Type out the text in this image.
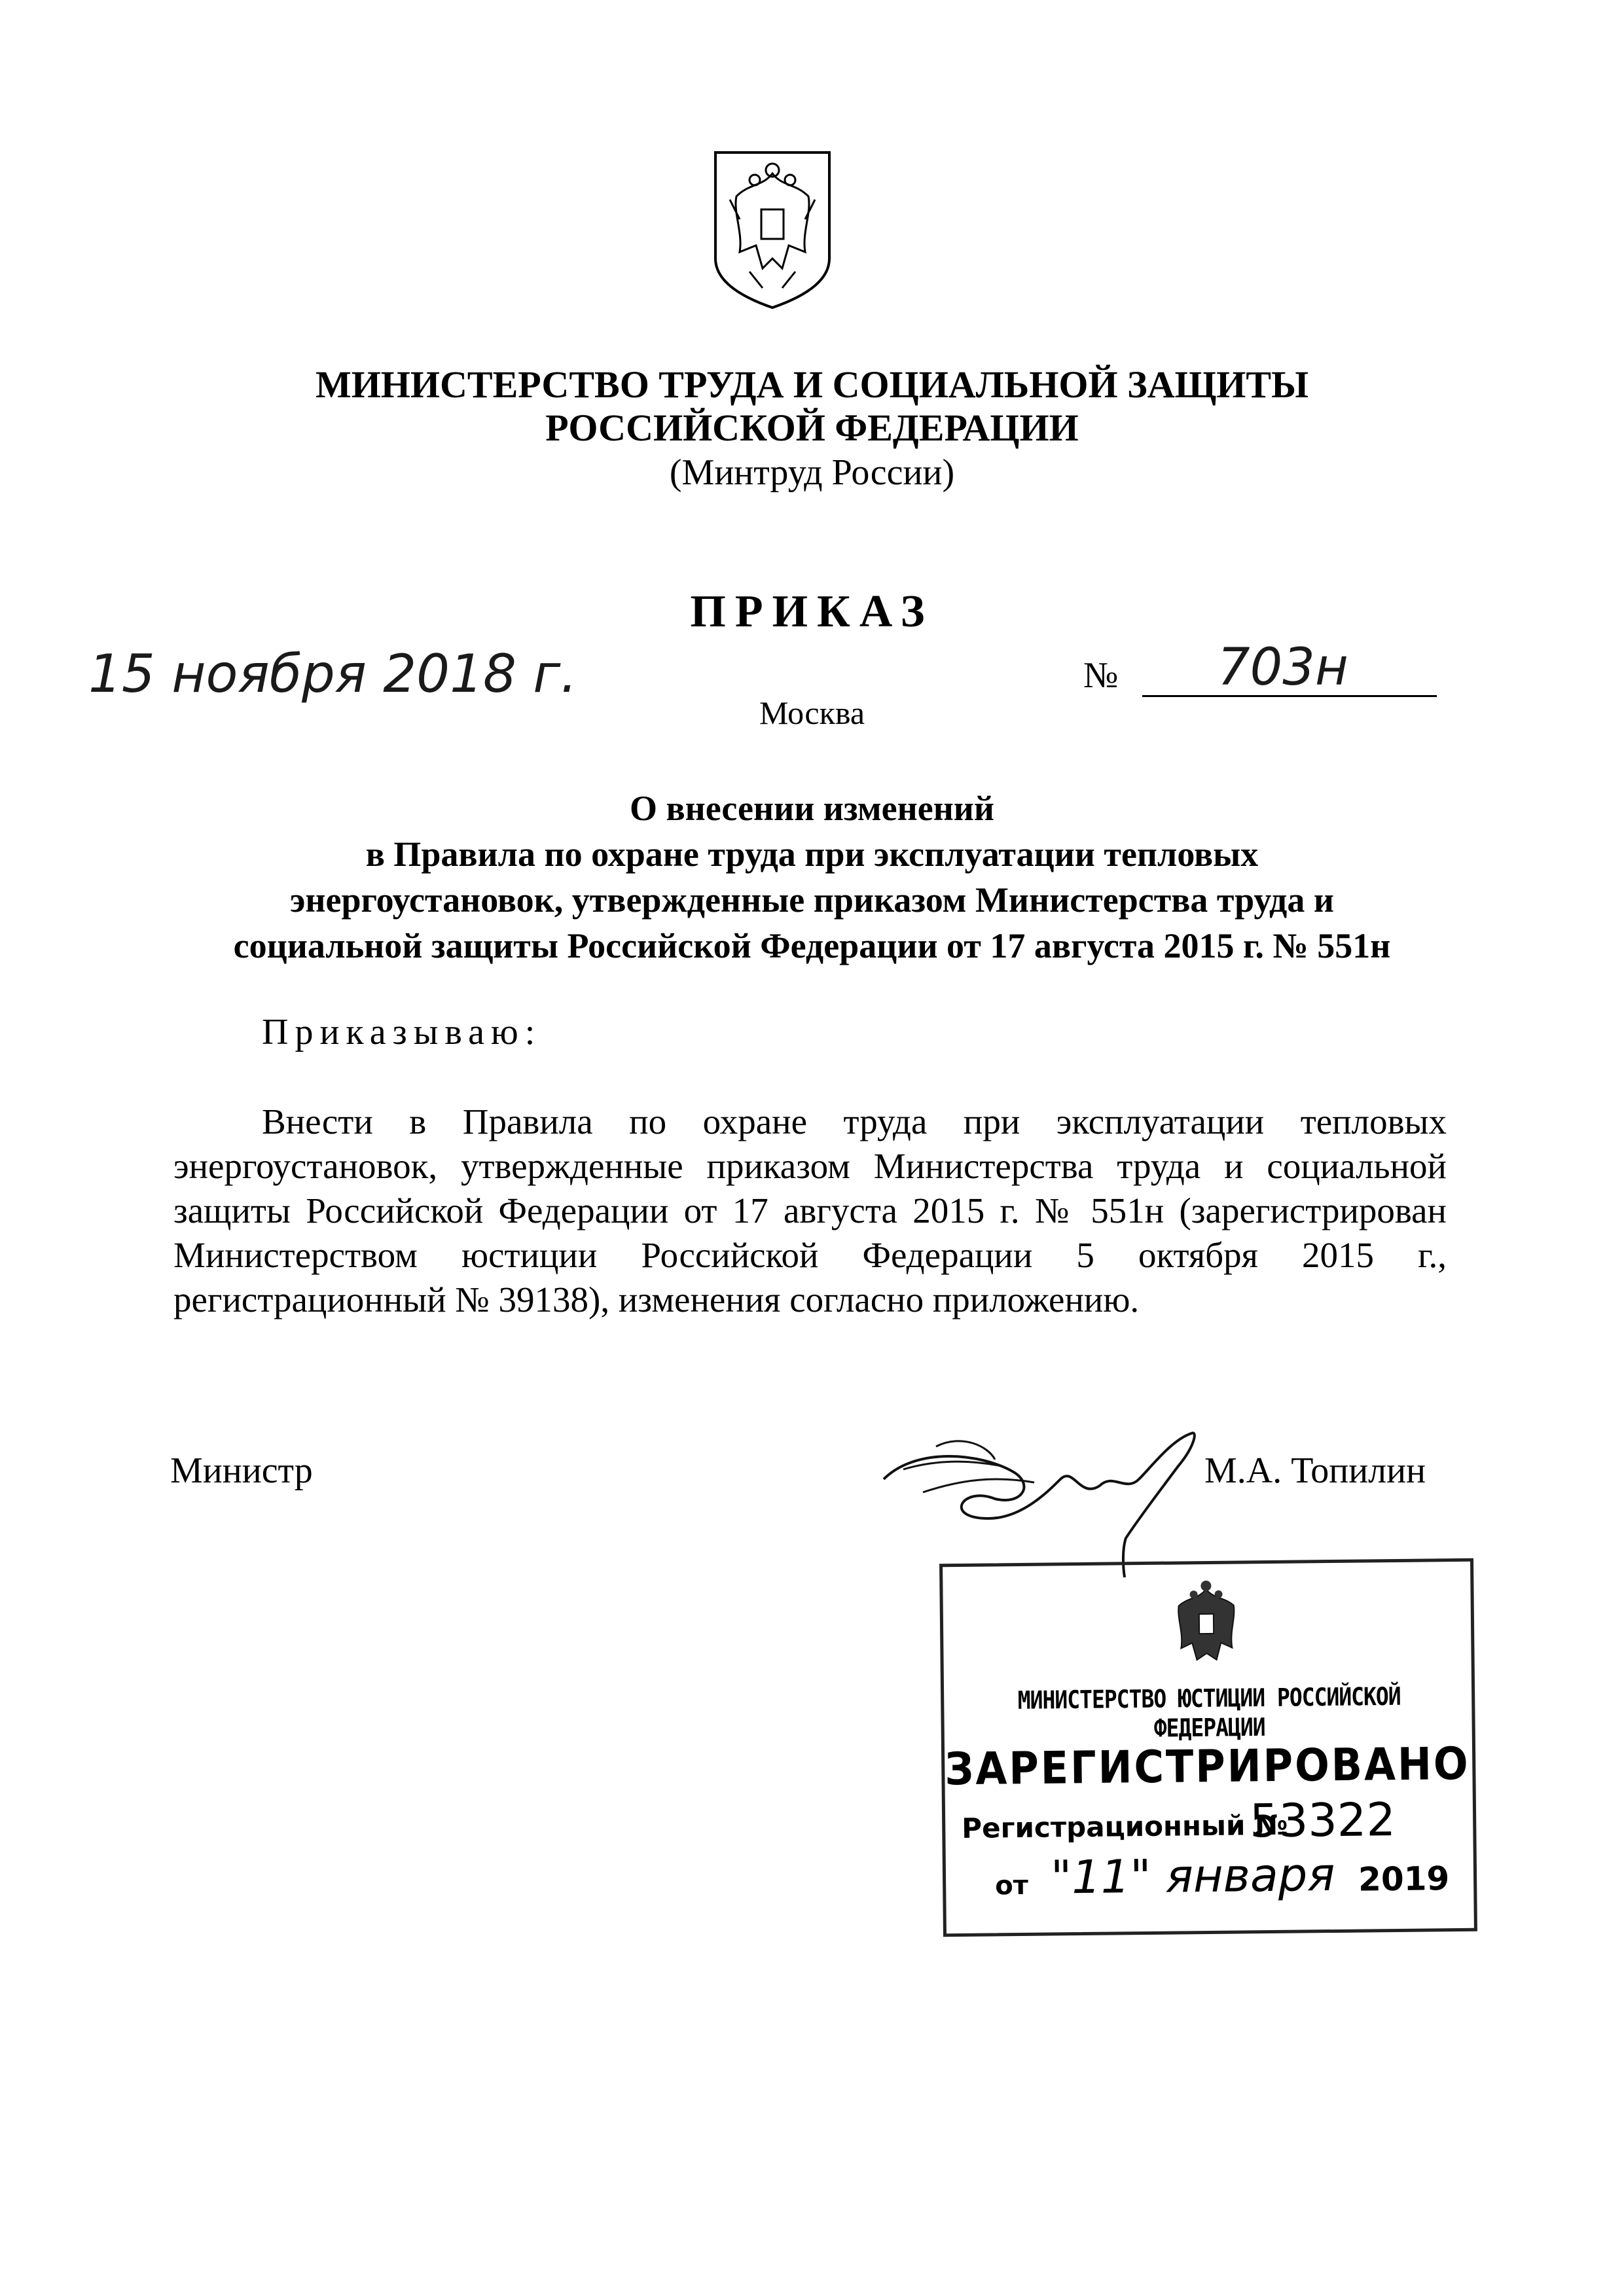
МИНИСТЕРСТВО ТРУДА И СОЦИАЛЬНОЙ ЗАЩИТЫ
РОССИЙСКОЙ ФЕДЕРАЦИИ
(Минтруд России)
ПРИКАЗ
15 ноября 2018 г.	№ 703н
Москва
О внесении изменений
в Правила по охране труда при эксплуатации тепловых
энергоустановок, утвержденные приказом Министерства труда и
социальной защиты Российской Федерации от 17 августа 2015 г. № 551н
Приказываю:
Внести в Правила по охране труда при эксплуатации тепловых энергоустановок, утвержденные приказом Министерства труда и социальной защиты Российской Федерации от 17 августа 2015 г. № 551н (зарегистрирован Министерством юстиции Российской Федерации 5 октября 2015 г., регистрационный № 39138), изменения согласно приложению.
Министр	М.А. Топилин
МИНИСТЕРСТВО ЮСТИЦИИ РОССИЙСКОЙ ФЕДЕРАЦИИ
ЗАРЕГИСТРИРОВАНО
Регистрационный №
53322
от "11" января 2019
